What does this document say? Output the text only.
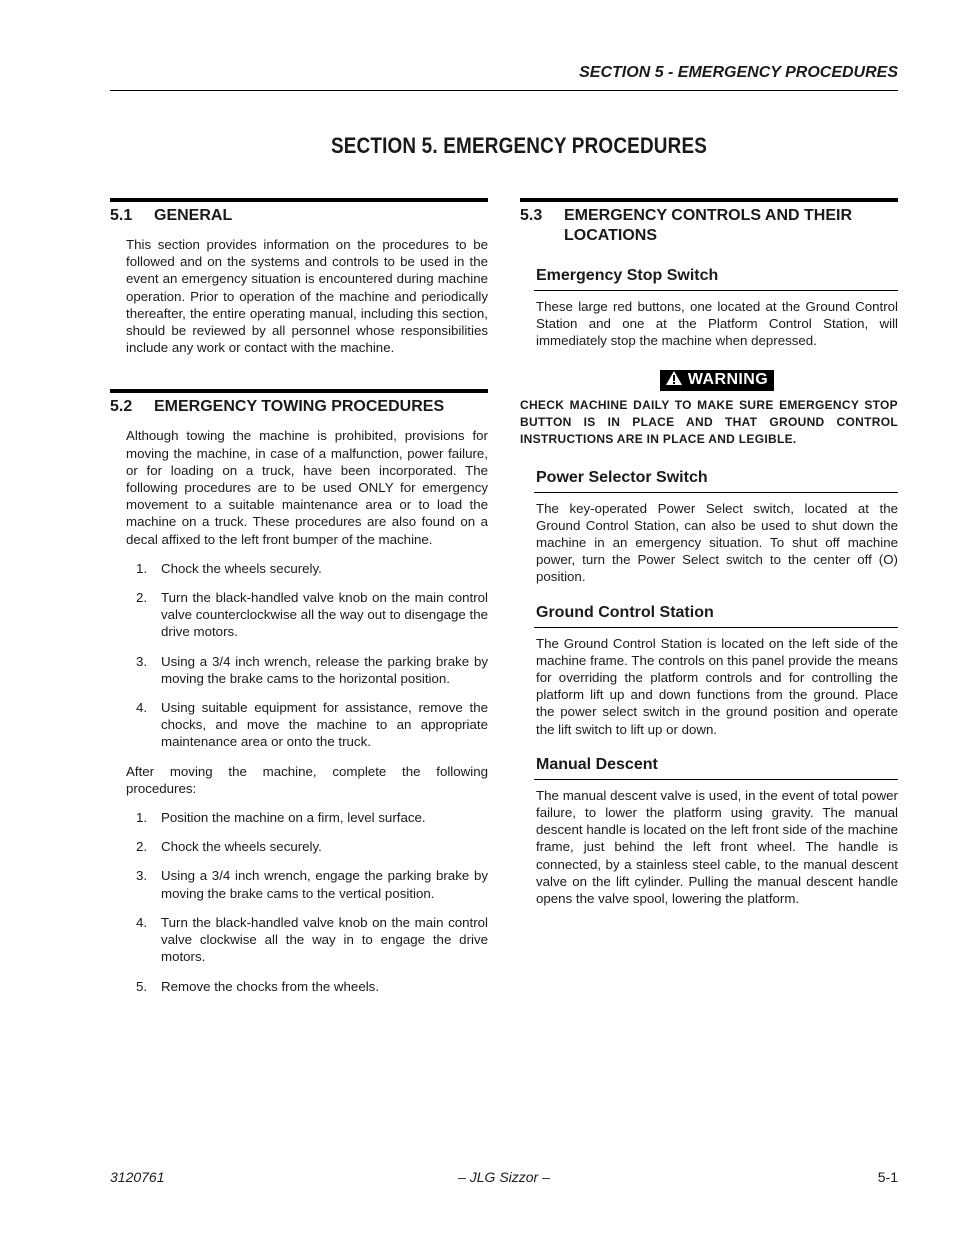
SECTION 5 - EMERGENCY PROCEDURES
SECTION 5. EMERGENCY PROCEDURES
5.1	GENERAL

This section provides information on the procedures to be followed and on the systems and controls to be used in the event an emergency situation is encountered during machine operation. Prior to operation of the machine and periodically thereafter, the entire operating manual, including this section, should be reviewed by all personnel whose responsibilities include any work or contact with the machine.

5.2	EMERGENCY TOWING PROCEDURES

Although towing the machine is prohibited, provisions for moving the machine, in case of a malfunction, power failure, or for loading on a truck, have been incorporated. The following procedures are to be used ONLY for emergency movement to a suitable maintenance area or to load the machine on a truck. These procedures are also found on a decal affixed to the left front bumper of the machine.

1.	Chock the wheels securely.
2.	Turn the black-handled valve knob on the main control valve counterclockwise all the way out to disengage the drive motors.
3.	Using a 3/4 inch wrench, release the parking brake by moving the brake cams to the horizontal position.
4.	Using suitable equipment for assistance, remove the chocks, and move the machine to an appropriate maintenance area or onto the truck.

After moving the machine, complete the following procedures:

1.	Position the machine on a firm, level surface.
2.	Chock the wheels securely.
3.	Using a 3/4 inch wrench, engage the parking brake by moving the brake cams to the vertical position.
4.	Turn the black-handled valve knob on the main control valve clockwise all the way in to engage the drive motors.
5.	Remove the chocks from the wheels.
5.3	EMERGENCY CONTROLS AND THEIR LOCATIONS
Emergency Stop Switch

These large red buttons, one located at the Ground Control Station and one at the Platform Control Station, will immediately stop the machine when depressed.

WARNING

CHECK MACHINE DAILY TO MAKE SURE EMERGENCY STOP BUTTON IS IN PLACE AND THAT GROUND CONTROL INSTRUCTIONS ARE IN PLACE AND LEGIBLE.

Power Selector Switch

The key-operated Power Select switch, located at the Ground Control Station, can also be used to shut down the machine in an emergency situation. To shut off machine power, turn the Power Select switch to the center off (O) position.

Ground Control Station

The Ground Control Station is located on the left side of the machine frame. The controls on this panel provide the means for overriding the platform controls and for controlling the platform lift up and down functions from the ground. Place the power select switch in the ground position and operate the lift switch to lift up or down.

Manual Descent

The manual descent valve is used, in the event of total power failure, to lower the platform using gravity. The manual descent handle is located on the left front side of the machine frame, just behind the left front wheel. The handle is connected, by a stainless steel cable, to the manual descent valve on the lift cylinder. Pulling the manual descent handle opens the valve spool, lowering the platform.

3120761	– JLG Sizzor –	5-1
